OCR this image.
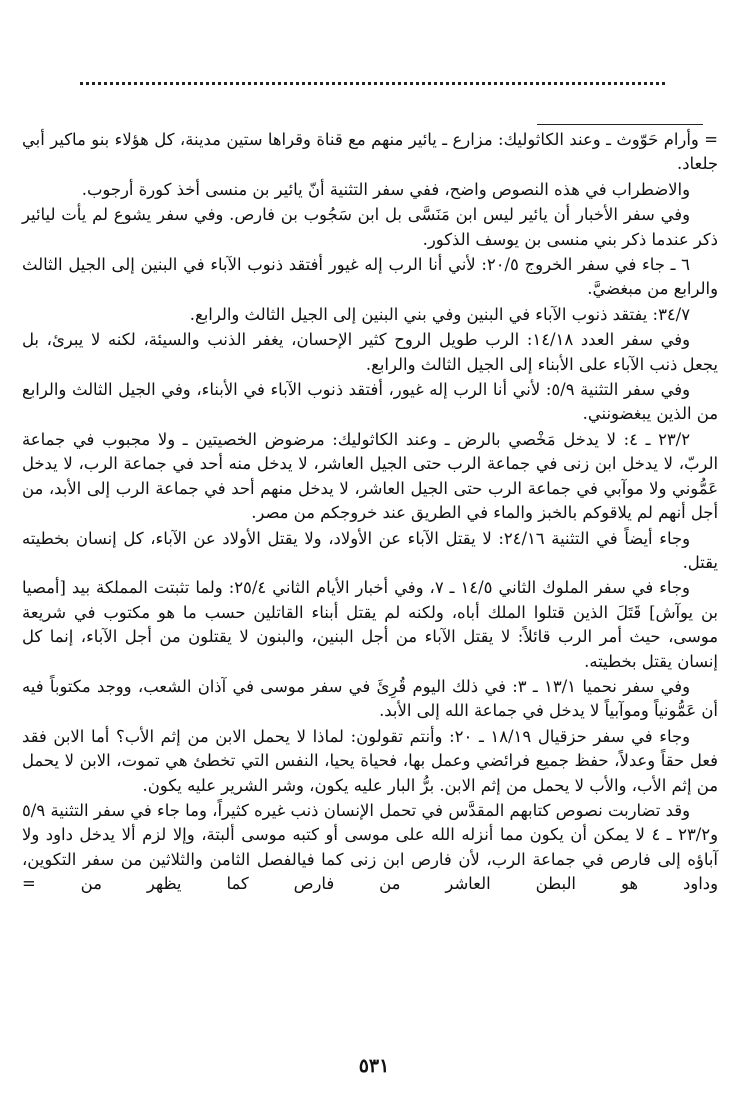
= وأرام حَوّوث ـ وعند الكاثوليك: مزارع ـ يائير منهم مع قناة وقراها ستين مدينة، كل هؤلاء بنو ماكير أبي جلعاد.

والاضطراب في هذه النصوص واضح، ففي سفر التثنية أنّ يائير بن منسى أخذ كورة أرجوب.

وفي سفر الأخبار أن يائير ليس ابن مَنَسَّى بل ابن سَجُوب بن فارص. وفي سفر يشوع لم يأت ليائير ذكر عندما ذكر بني منسى بن يوسف الذكور.

٦ ـ جاء في سفر الخروج ٢٠/٥: لأني أنا الرب إله غيور أفتقد ذنوب الآباء في البنين إلى الجيل الثالث والرابع من مبغضيَّ.

٣٤/٧: يفتقد ذنوب الآباء في البنين وفي بني البنين إلى الجيل الثالث والرابع.

وفي سفر العدد ١٤/١٨: الرب طويل الروح كثير الإحسان، يغفر الذنب والسيئة، لكنه لا يبرئ، بل يجعل ذنب الآباء على الأبناء إلى الجيل الثالث والرابع.

وفي سفر التثنية ٥/٩: لأني أنا الرب إله غيور، أفتقد ذنوب الآباء في الأبناء، وفي الجيل الثالث والرابع من الذين يبغضونني.

٢٣/٢ ـ ٤: لا يدخل مَخْصي بالرض ـ وعند الكاثوليك: مرضوض الخصيتين ـ ولا مجبوب في جماعة الربّ، لا يدخل ابن زنى في جماعة الرب حتى الجيل العاشر، لا يدخل منه أحد في جماعة الرب، لا يدخل عَمُّوني ولا موآبي في جماعة الرب حتى الجيل العاشر، لا يدخل منهم أحد في جماعة الرب إلى الأبد، من أجل أنهم لم يلاقوكم بالخبز والماء في الطريق عند خروجكم من مصر.

وجاء أيضاً في التثنية ٢٤/١٦: لا يقتل الآباء عن الأولاد، ولا يقتل الأولاد عن الآباء، كل إنسان بخطيته يقتل.

وجاء في سفر الملوك الثاني ١٤/٥ ـ ٧، وفي أخبار الأيام الثاني ٢٥/٤: ولما تثبتت المملكة بيد [أمصيا بن يوآش] قَتَلَ الذين قتلوا الملك أباه، ولكنه لم يقتل أبناء القاتلين حسب ما هو مكتوب في شريعة موسى، حيث أمر الرب قائلاً: لا يقتل الآباء من أجل البنين، والبنون لا يقتلون من أجل الآباء، إنما كل إنسان يقتل بخطيته.

وفي سفر نحميا ١٣/١ ـ ٣: في ذلك اليوم قُرِئَ في سفر موسى في آذان الشعب، ووجد مكتوباً فيه أن عَمُّونياً وموآبياً لا يدخل في جماعة الله إلى الأبد.

وجاء في سفر حزقيال ١٨/١٩ ـ ٢٠: وأنتم تقولون: لماذا لا يحمل الابن من إثم الأب؟ أما الابن فقد فعل حقاً وعدلاً، حفظ جميع فرائضي وعمل بها، فحياة يحيا، النفس التي تخطئ هي تموت، الابن لا يحمل من إثم الأب، والأب لا يحمل من إثم الابن. برُّ البار عليه يكون، وشر الشرير عليه يكون.

وقد تضاربت نصوص كتابهم المقدَّس في تحمل الإنسان ذنب غيره كثيراً، وما جاء في سفر التثنية ٥/٩ و٢٣/٢ ـ ٤ لا يمكن أن يكون مما أنزله الله على موسى أو كتبه موسى ألبتة، وإلا لزم ألا يدخل داود ولا آباؤه إلى فارص في جماعة الرب، لأن فارص ابن زنى كما فيالفصل الثامن والثلاثين من سفر التكوين، وداود هو البطن العاشر من فارص كما يظهر من =

٥٣١
